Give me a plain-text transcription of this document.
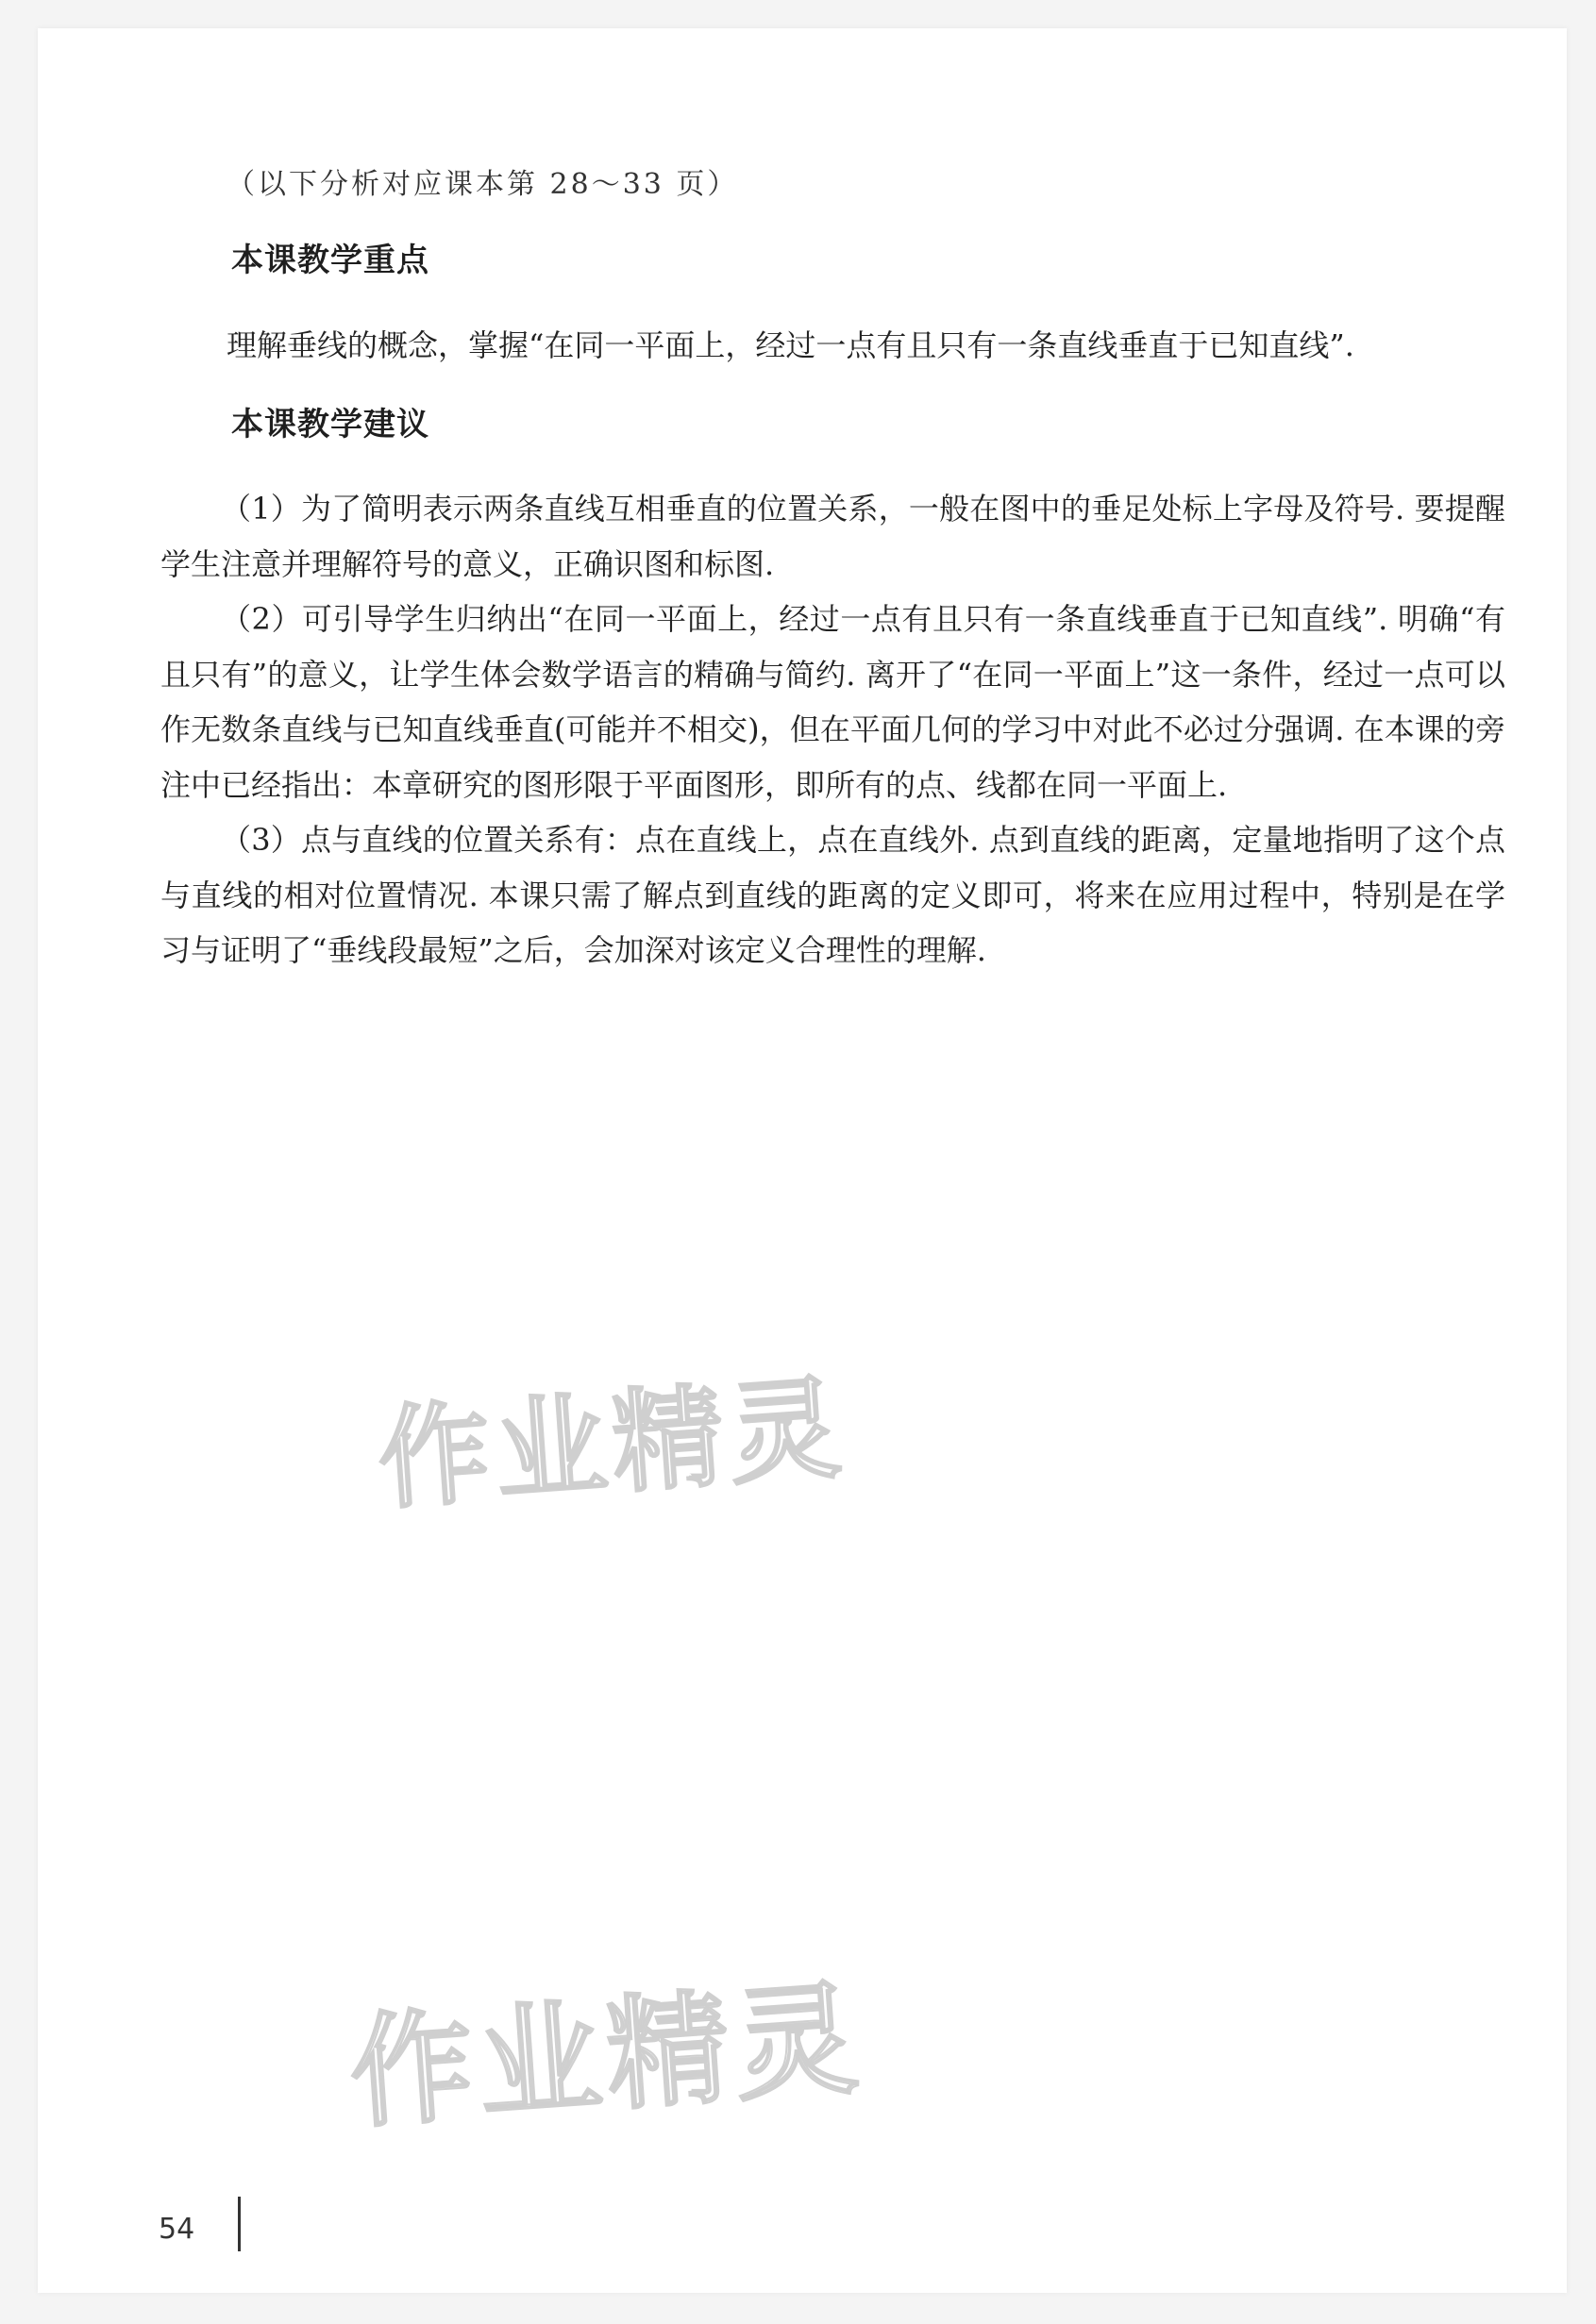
（以下分析对应课本第 28～33 页）
本课教学重点
理解垂线的概念，掌握“在同一平面上，经过一点有且只有一条直线垂直于已知直线”.
本课教学建议

（1）为了简明表示两条直线互相垂直的位置关系，一般在图中的垂足处标上字母及符号. 要提醒学生注意并理解符号的意义，正确识图和标图.

（2）可引导学生归纳出“在同一平面上，经过一点有且只有一条直线垂直于已知直线”. 明确“有且只有”的意义，让学生体会数学语言的精确与简约. 离开了“在同一平面上”这一条件，经过一点可以作无数条直线与已知直线垂直(可能并不相交)，但在平面几何的学习中对此不必过分强调. 在本课的旁注中已经指出：本章研究的图形限于平面图形，即所有的点、线都在同一平面上.

（3）点与直线的位置关系有：点在直线上，点在直线外. 点到直线的距离，定量地指明了这个点与直线的相对位置情况. 本课只需了解点到直线的距离的定义即可，将来在应用过程中，特别是在学习与证明了“垂线段最短”之后，会加深对该定义合理性的理解.

作业精灵
作业精灵
54
